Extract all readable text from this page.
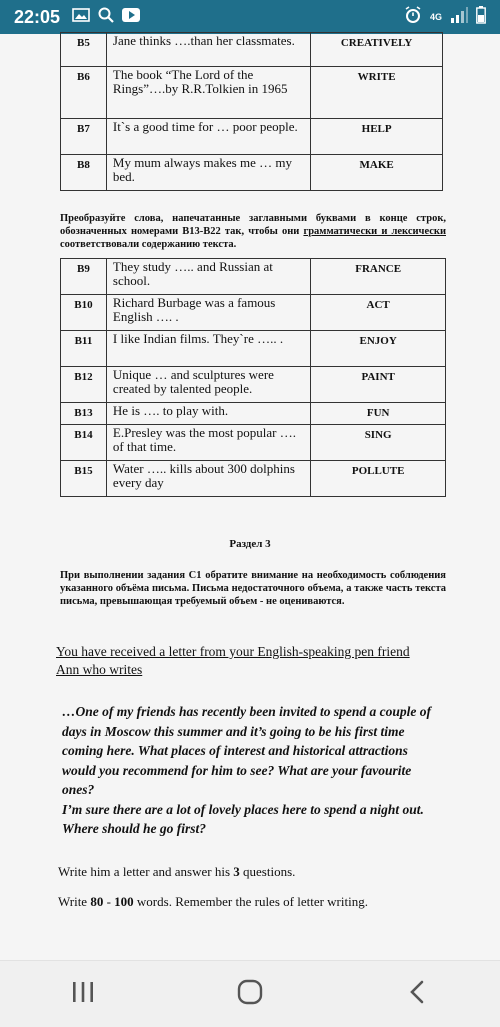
22:05	4G
B5	Jane thinks ….than her classmates.	CREATIVELY
B6	The book “The Lord of the Rings”….by R.R.Tolkien in 1965	WRITE
B7	It`s a good time for … poor people.	HELP
B8	My mum always makes me … my bed.	MAKE
Преобразуйте слова, напечатанные заглавными буквами в конце строк, обозначенных номерами B13-B22 так, чтобы они грамматически и лексически соответствовали содержанию текста.
B9	They study ….. and Russian at school.	FRANCE
B10	Richard Burbage was a famous English …. .	ACT
B11	I like Indian films. They`re ….. .	ENJOY
B12	Unique … and sculptures were created by talented people.	PAINT
B13	He is …. to play with.	FUN
B14	E.Presley was the most popular …. of that time.	SING
B15	Water ….. kills about 300 dolphins every day	POLLUTE
Раздел 3
При выполнении задания С1 обратите внимание на необходимость соблюдения указанного объёма письма. Письма недостаточного объема, а также часть текста письма, превышающая требуемый объем - не оцениваются.
You have received a letter from your English-speaking pen friend Ann who writes
…One of my friends has recently been invited to spend a couple of days in Moscow this summer and it’s going to be his first time coming here. What places of interest and historical attractions would you recommend for him to see? What are your favourite ones?
I’m sure there are a lot of lovely places here to spend a night out. Where should he go first?
Write him a letter and answer his 3 questions.
Write 80 - 100 words. Remember the rules of letter writing.
